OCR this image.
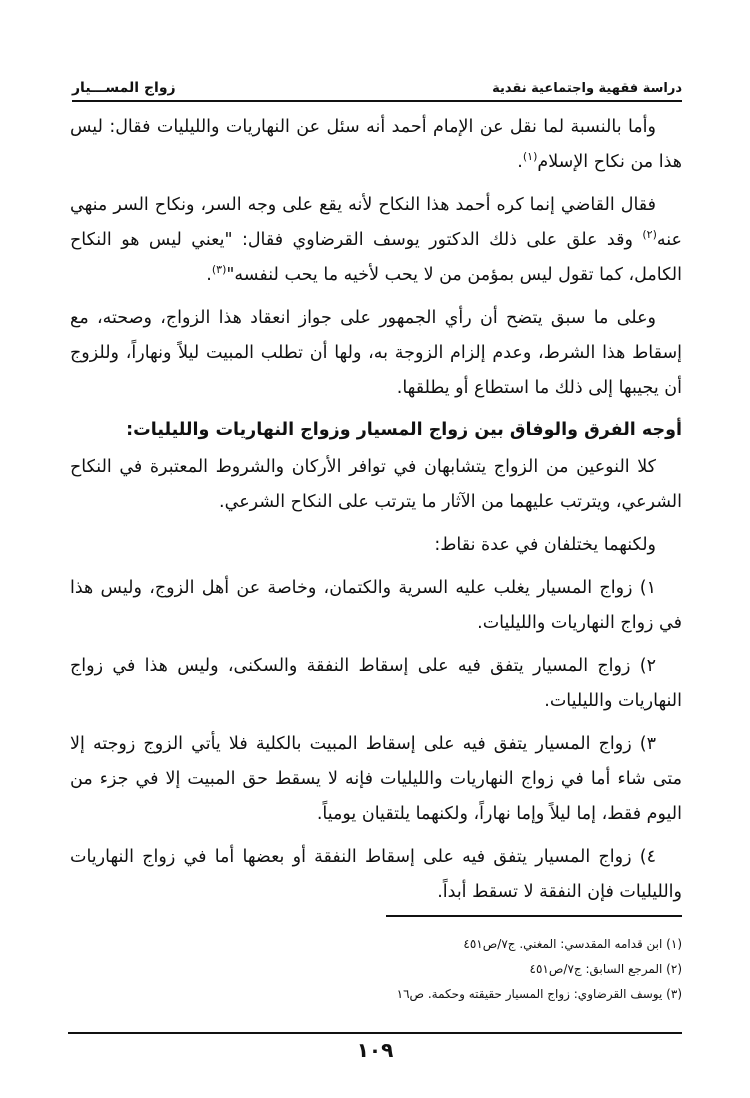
دراسة فقهية واجتماعية نقدية
زواج المســـيار

وأما بالنسبة لما نقل عن الإمام أحمد أنه سئل عن النهاريات والليليات فقال: ليس هذا من نكاح الإسلام$^{(١)}$.

فقال القاضي إنما كره أحمد هذا النكاح لأنه يقع على وجه السر، ونكاح السر منهي عنه$^{(٢)}$ وقد علق على ذلك الدكتور يوسف القرضاوي فقال: "يعني ليس هو النكاح الكامل، كما تقول ليس بمؤمن من لا يحب لأخيه ما يحب لنفسه"$^{(٣)}$.

وعلى ما سبق يتضح أن رأي الجمهور على جواز انعقاد هذا الزواج، وصحته، مع إسقاط هذا الشرط، وعدم إلزام الزوجة به، ولها أن تطلب المبيت ليلاً ونهاراً، وللزوج أن يجيبها إلى ذلك ما استطاع أو يطلقها.

أوجه الفرق والوفاق بين زواج المسيار وزواج النهاريات والليليات:

كلا النوعين من الزواج يتشابهان في توافر الأركان والشروط المعتبرة في النكاح الشرعي، ويترتب عليهما من الآثار ما يترتب على النكاح الشرعي.

ولكنهما يختلفان في عدة نقاط:

١) زواج المسيار يغلب عليه السرية والكتمان، وخاصة عن أهل الزوج، وليس هذا في زواج النهاريات والليليات.

٢) زواج المسيار يتفق فيه على إسقاط النفقة والسكنى، وليس هذا في زواج النهاريات والليليات.

٣) زواج المسيار يتفق فيه على إسقاط المبيت بالكلية فلا يأتي الزوج زوجته إلا متى شاء أما في زواج النهاريات والليليات فإنه لا يسقط حق المبيت إلا في جزء من اليوم فقط، إما ليلاً وإما نهاراً، ولكنهما يلتقيان يومياً.

٤) زواج المسيار يتفق فيه على إسقاط النفقة أو بعضها أما في زواج النهاريات والليليات فإن النفقة لا تسقط أبداً.

(١) ابن قدامه المقدسي: المغني. ج٧/ص٤٥١
(٢) المرجع السابق: ج٧/ص٤٥١
(٣) يوسف القرضاوي: زواج المسيار حقيقته وحكمة. ص١٦
١٠٩
